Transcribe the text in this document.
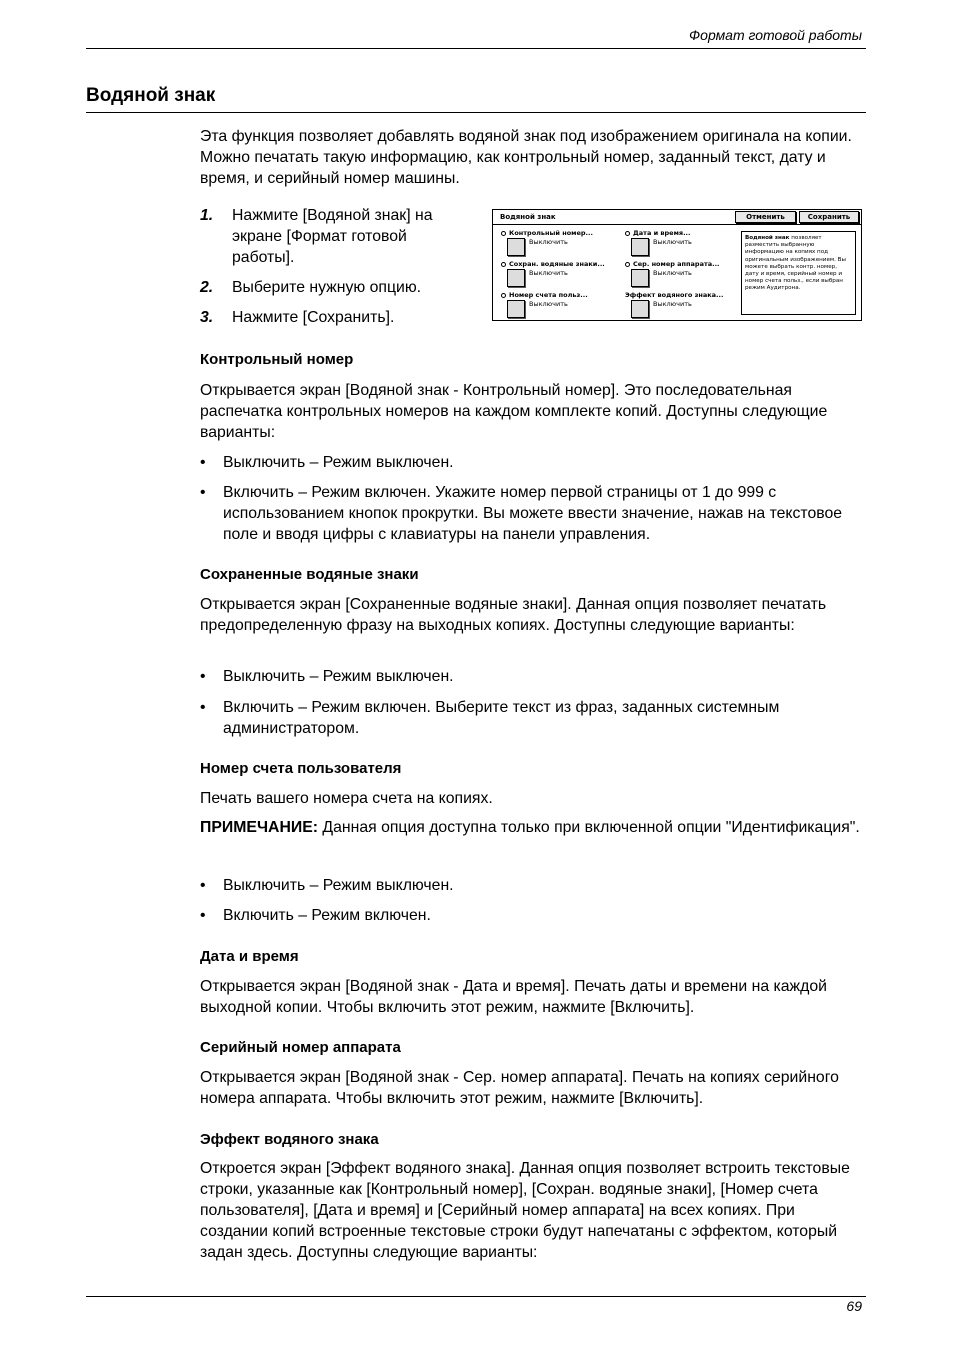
Формат готовой работы
Водяной знак
Эта функция позволяет добавлять водяной знак под изображением оригинала на копии. Можно печатать такую информацию, как контрольный номер, заданный текст, дату и время, и серийный номер машины.
1.	Нажмите [Водяной знак] на экране [Формат готовой работы].
2.	Выберите нужную опцию.
3.	Нажмите [Сохранить].
Водяной знак	Отменить	Сохранить
Контрольный номер...
Выключить
Дата и время...
Выключить
Сохран. водяные знаки...
Выключить
Сер. номер аппарата...
Выключить
Номер счета польз...
Выключить
Эффект водяного знака...
Выключить
Водяной знак позволяет разместить выбранную информацию на копиях под оригинальным изображением. Вы можете выбрать контр. номер, дату и время, серийный номер и номер счета польз., если выбран режим Аудитрона.
Контрольный номер
Открывается экран [Водяной знак - Контрольный номер]. Это последовательная распечатка контрольных номеров на каждом комплекте копий. Доступны следующие варианты:
•	Выключить – Режим выключен.
•	Включить – Режим включен. Укажите номер первой страницы от 1 до 999 с использованием кнопок прокрутки. Вы можете ввести значение, нажав на текстовое поле и вводя цифры с клавиатуры на панели управления.
Сохраненные водяные знаки
Открывается экран [Сохраненные водяные знаки]. Данная опция позволяет печатать предопределенную фразу на выходных копиях. Доступны следующие варианты:
•	Выключить – Режим выключен.
•	Включить – Режим включен. Выберите текст из фраз, заданных системным администратором.
Номер счета пользователя
Печать вашего номера счета на копиях.
ПРИМЕЧАНИЕ: Данная опция доступна только при включенной опции "Идентификация".
•	Выключить – Режим выключен.
•	Включить – Режим включен.
Дата и время
Открывается экран [Водяной знак - Дата и время]. Печать даты и времени на каждой выходной копии. Чтобы включить этот режим, нажмите [Включить].
Серийный номер аппарата
Открывается экран [Водяной знак - Сер. номер аппарата]. Печать на копиях серийного номера аппарата. Чтобы включить этот режим, нажмите [Включить].
Эффект водяного знака
Откроется экран [Эффект водяного знака]. Данная опция позволяет встроить текстовые строки, указанные как [Контрольный номер], [Сохран. водяные знаки], [Номер счета пользователя], [Дата и время] и [Серийный номер аппарата] на всех копиях. При создании копий встроенные текстовые строки будут напечатаны с эффектом, который задан здесь. Доступны следующие варианты:
69
